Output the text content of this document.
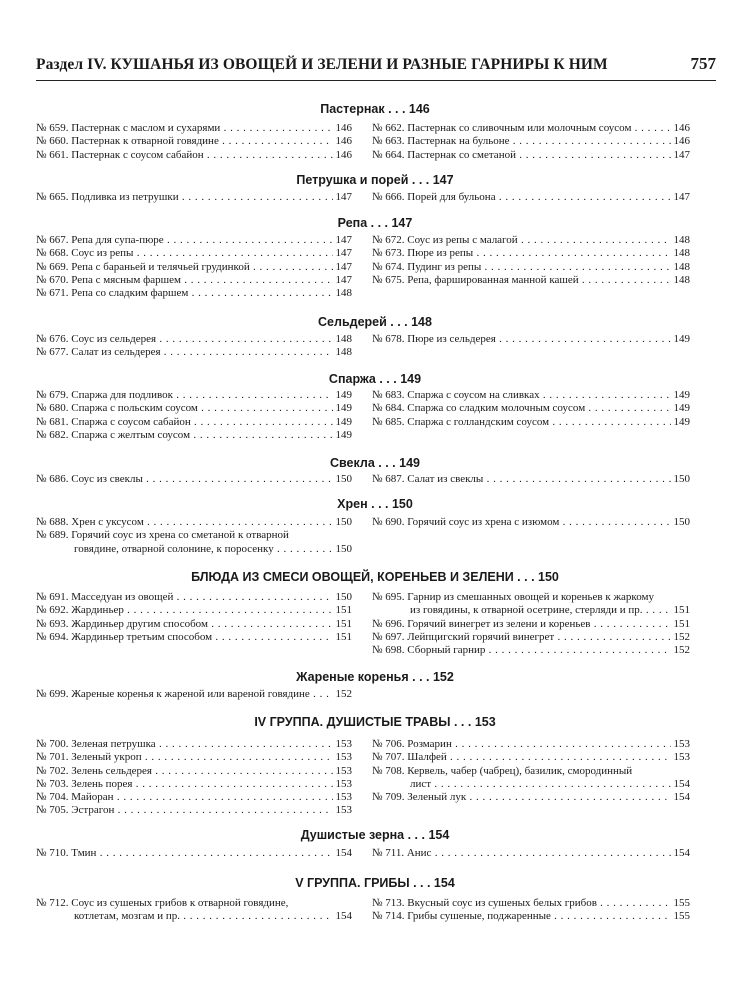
Раздел IV. КУШАНЬЯ ИЗ ОВОЩЕЙ И ЗЕЛЕНИ И РАЗНЫЕ ГАРНИРЫ К НИМ	757
Пастернак . . . 146
№ 659. Пастернак с маслом и сухарями . . .	146
№ 660. Пастернак к отварной говядине . . .	146
№ 661. Пастернак с соусом сабайон . . .	146
№ 662. Пастернак со сливочным или молочным соусом . . .	146
№ 663. Пастернак на бульоне . . .	146
№ 664. Пастернак со сметаной . . .	147
Петрушка и порей . . . 147
№ 665. Подливка из петрушки . . .	147 № 666. Порей для бульона . . .	147
Репа . . . 147
№ 667. Репа для супа-пюре . . .	147
№ 668. Соус из репы . . .	147
№ 669. Репа с бараньей и телячьей грудинкой . . .	147
№ 670. Репа с мясным фаршем . . .	147
№ 671. Репа со сладким фаршем . . .	148
№ 672. Соус из репы с малагой . . .	148
№ 673. Пюре из репы . . .	148
№ 674. Пудинг из репы . . .	148
№ 675. Репа, фаршированная манной кашей . . .	148
Сельдерей . . . 148
№ 676. Соус из сельдерея . . .	148
№ 677. Салат из сельдерея . . .	148
№ 678. Пюре из сельдерея . . .	149
Спаржа . . . 149
№ 679. Спаржа для подливок . . .	149
№ 680. Спаржа с польским соусом . . .	149
№ 681. Спаржа с соусом сабайон . . .	149
№ 682. Спаржа с желтым соусом . . .	149
№ 683. Спаржа с соусом на сливках . . .	149
№ 684. Спаржа со сладким молочным соусом . . .	149
№ 685. Спаржа с голландским соусом . . .	149
Свекла . . . 149
№ 686. Соус из свеклы . . .	150 № 687. Салат из свеклы . . .	150
Хрен . . . 150
№ 688. Хрен с уксусом . . .	150
№ 689. Горячий соус из хрена со сметаной к отварной
говядине, отварной солонине, к поросенку . . .	150
№ 690. Горячий соус из хрена с изюмом . . .	150
БЛЮДА ИЗ СМЕСИ ОВОЩЕЙ, КОРЕНЬЕВ И ЗЕЛЕНИ . . . 150
№ 691. Масседуан из овощей . . .	150
№ 692. Жардиньер . . .	151
№ 693. Жардиньер другим способом . . .	151
№ 694. Жардиньер третьим способом . . .	151
№ 695. Гарнир из смешанных овощей и кореньев к жаркому
из говядины, к отварной осетрине, стерляди и пр. . . .	151
№ 696. Горячий винегрет из зелени и кореньев . . .	151
№ 697. Лейпцигский горячий винегрет . . .	152
№ 698. Сборный гарнир . . .	152
Жареные коренья . . . 152
№ 699. Жареные коренья к жареной или вареной говядине . . . 152
IV ГРУППА. ДУШИСТЫЕ ТРАВЫ . . . 153
№ 700. Зеленая петрушка . . .	153
№ 701. Зеленый укроп . . .	153
№ 702. Зелень сельдерея . . .	153
№ 703. Зелень порея . . .	153
№ 704. Майоран . . .	153
№ 705. Эстрагон . . .	153
№ 706. Розмарин . . .	153
№ 707. Шалфей . . .	153
№ 708. Кервель, чабер (чабрец), базилик, смородинный
лист . . .	154
№ 709. Зеленый лук . . .	154
Душистые зерна . . . 154
№ 710. Тмин . . .	154 № 711. Анис . . .	154
V ГРУППА. ГРИБЫ . . . 154
№ 712. Соус из сушеных грибов к отварной говядине,
котлетам, мозгам и пр. . . .	154
№ 713. Вкусный соус из сушеных белых грибов . . .	155
№ 714. Грибы сушеные, поджаренные . . .	155
